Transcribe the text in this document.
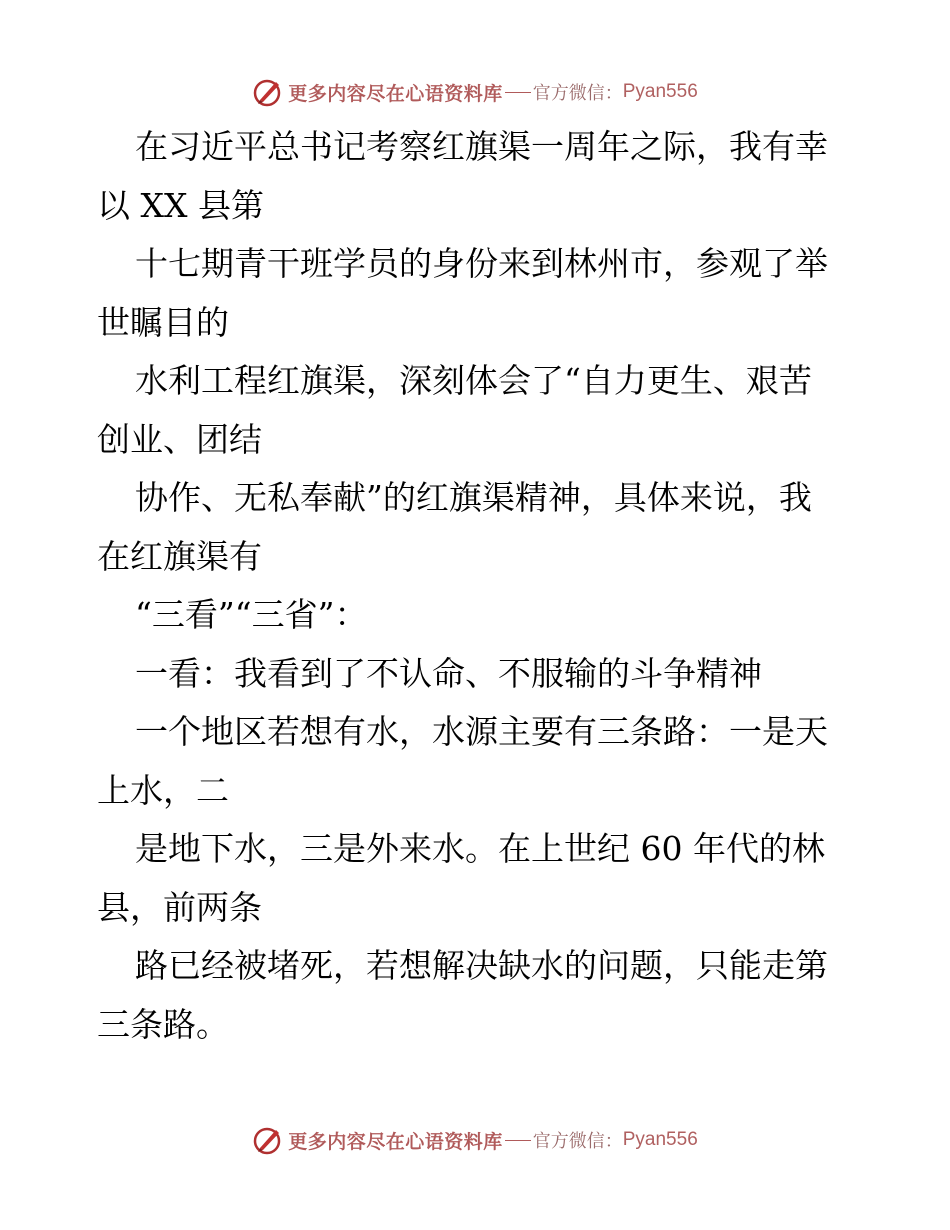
更多内容尽在心语资料库 官方微信： Pyan556
在习近平总书记考察红旗渠一周年之际，我有幸
以 XX 县第
十七期青干班学员的身份来到林州市，参观了举
世瞩目的
水利工程红旗渠，深刻体会了“自力更生、艰苦
创业、团结
协作、无私奉献”的红旗渠精神，具体来说，我
在红旗渠有
“三看”“三省”：
一看：我看到了不认命、不服输的斗争精神
一个地区若想有水，水源主要有三条路：一是天
上水，二
是地下水，三是外来水。在上世纪 60 年代的林
县，前两条
路已经被堵死，若想解决缺水的问题，只能走第
三条路。
更多内容尽在心语资料库 官方微信： Pyan556
